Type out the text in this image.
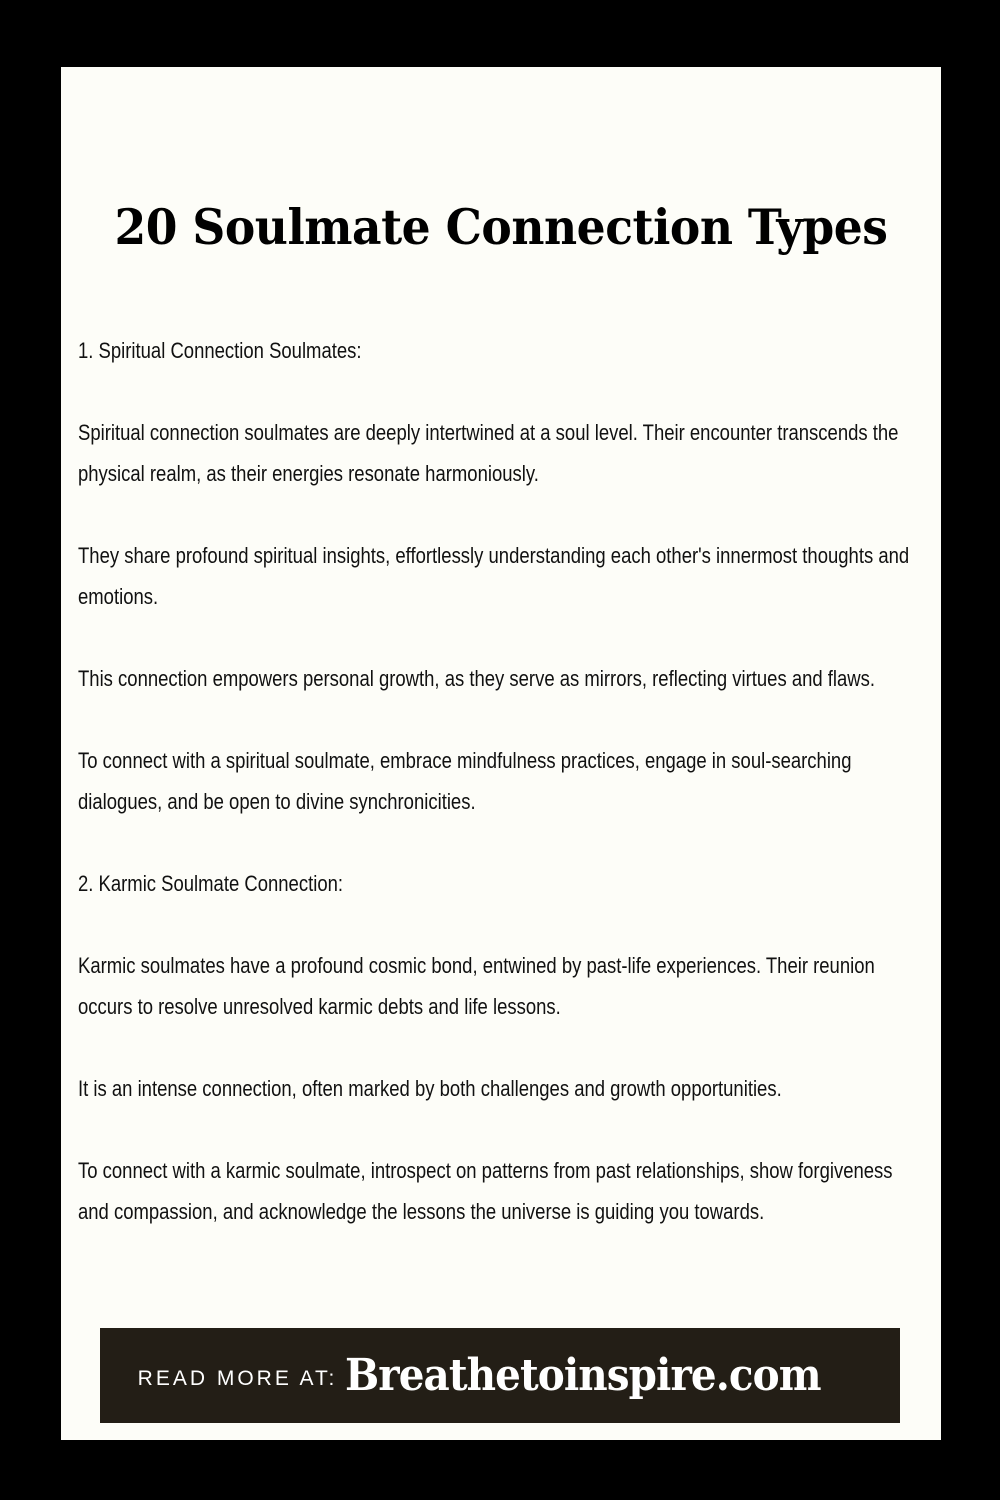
20 Soulmate Connection Types

1. Spiritual Connection Soulmates:

Spiritual connection soulmates are deeply intertwined at a soul level. Their encounter transcends the physical realm, as their energies resonate harmoniously.

They share profound spiritual insights, effortlessly understanding each other's innermost thoughts and emotions.

This connection empowers personal growth, as they serve as mirrors, reflecting virtues and flaws.

To connect with a spiritual soulmate, embrace mindfulness practices, engage in soul-searching dialogues, and be open to divine synchronicities.

2. Karmic Soulmate Connection:

Karmic soulmates have a profound cosmic bond, entwined by past-life experiences. Their reunion occurs to resolve unresolved karmic debts and life lessons.

It is an intense connection, often marked by both challenges and growth opportunities.

To connect with a karmic soulmate, introspect on patterns from past relationships, show forgiveness and compassion, and acknowledge the lessons the universe is guiding you towards.

READ MORE AT: Breathetoinspire.com
